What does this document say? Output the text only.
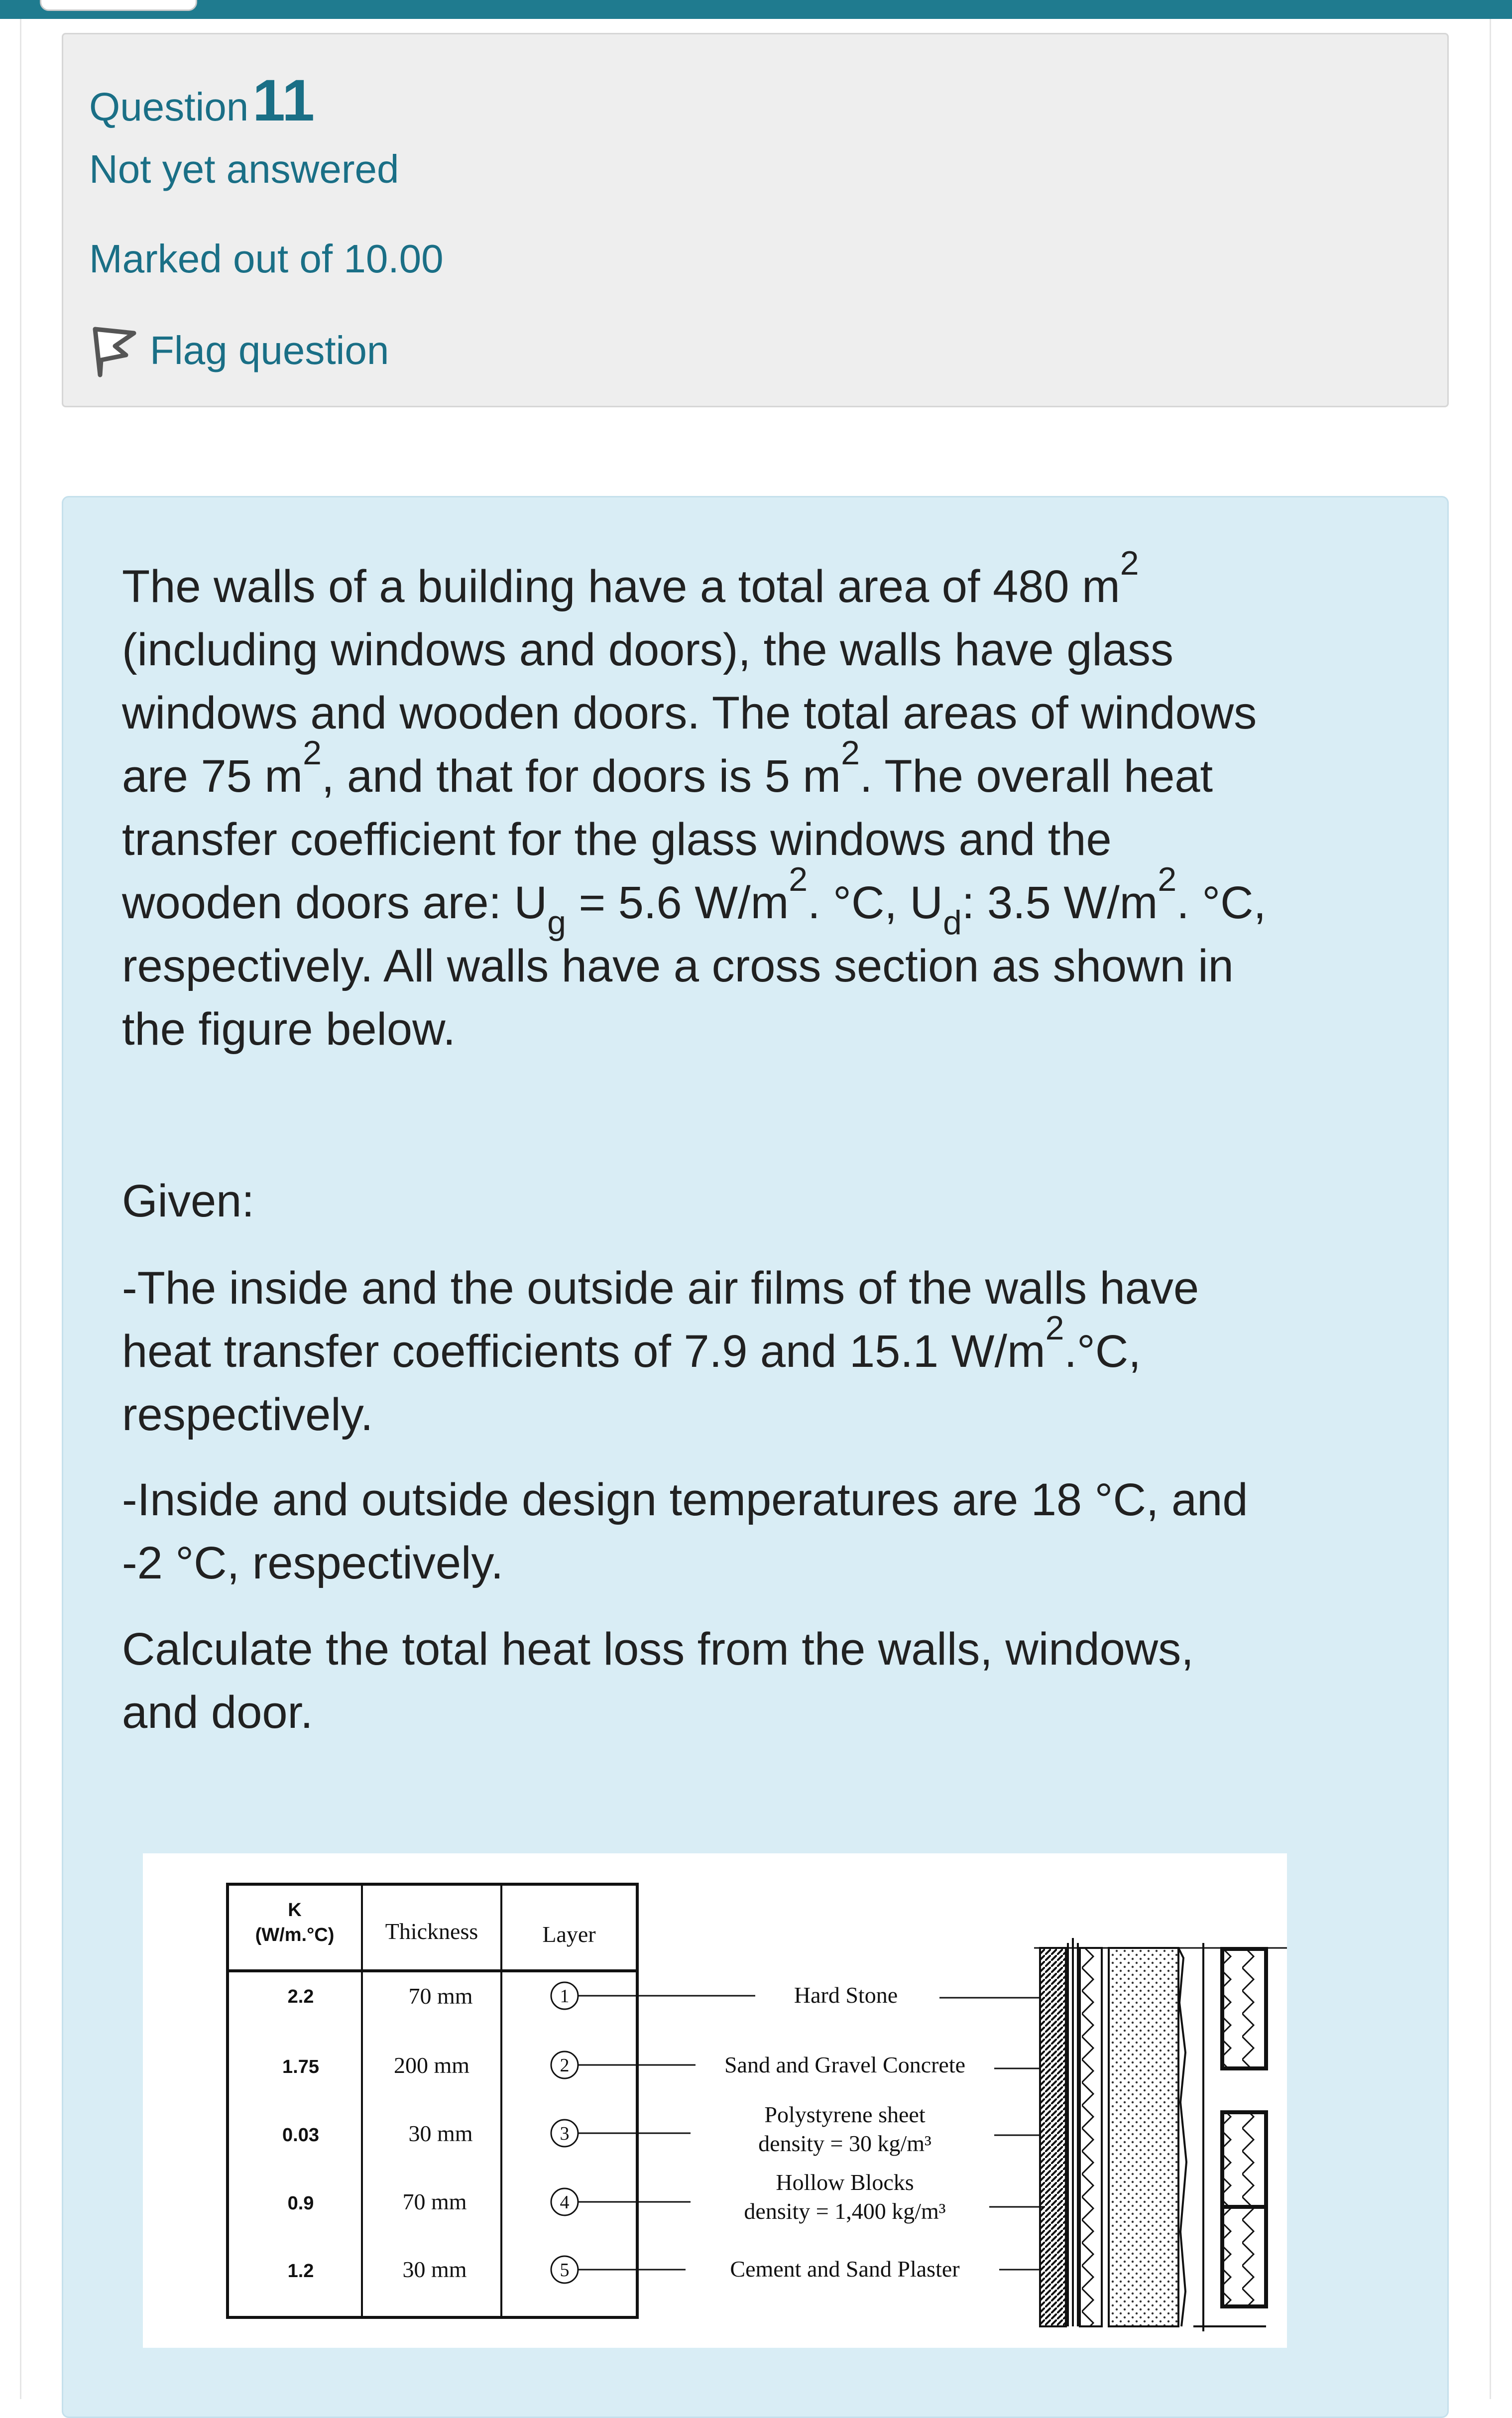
Question11
Not yet answered
Marked out of 10.00
Flag question

The walls of a building have a total area of 480 $m^2$

(including windows and doors), the walls have glass

windows and wooden doors. The total areas of windows

are 75 $m^2$, and that for doors is 5 $m^2$. The overall heat

transfer coefficient for the glass windows and the

wooden doors are: $U_g = 5.6$ $W/m^2$. °C, $U_d$: 3.5 $W/m^2$. °C,

respectively. All walls have a cross section as shown in

the figure below.

Given:

-The inside and the outside air films of the walls have

heat transfer coefficients of 7.9 and 15.1 $W/m^2.^\circ C$,

respectively.

-Inside and outside design temperatures are 18 °C, and

-2 °C, respectively.

Calculate the total heat loss from the walls, windows,

and door.

K
(W/m.°C) Thickness	Layer
2.2
1.75
0.03
0.9
1.2
70 mm
200 mm
30 mm
70 mm
30 mm
1
2
3
4
5
Hard Stone
Sand and Gravel Concrete
Polystyrene sheet
density = 30 kg/m³
Hollow Blocks
density = 1,400 kg/m³
Cement and Sand Plaster
